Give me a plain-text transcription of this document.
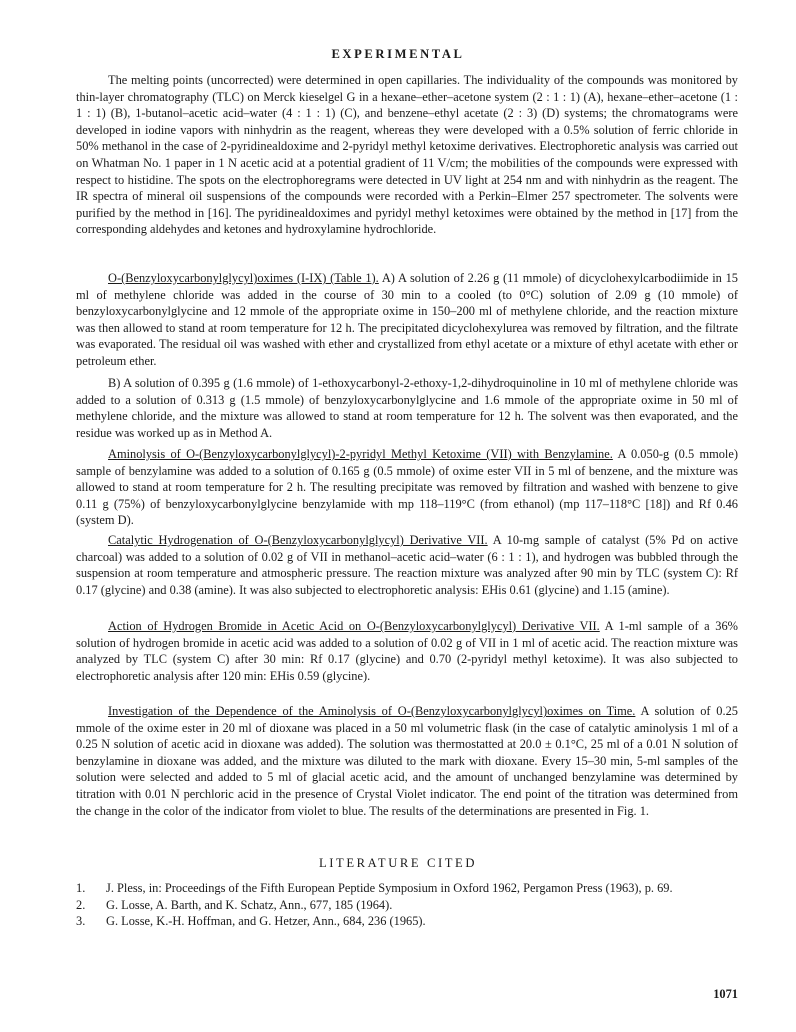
EXPERIMENTAL
The melting points (uncorrected) were determined in open capillaries. The individuality of the compounds was monitored by thin-layer chromatography (TLC) on Merck kieselgel G in a hexane–ether–acetone system (2 : 1 : 1) (A), hexane–ether–acetone (1 : 1 : 1) (B), 1-butanol–acetic acid–water (4 : 1 : 1) (C), and benzene–ethyl acetate (2 : 3) (D) systems; the chromatograms were developed in iodine vapors with ninhydrin as the reagent, whereas they were developed with a 0.5% solution of ferric chloride in 50% methanol in the case of 2-pyridinealdoxime and 2-pyridyl methyl ketoxime derivatives. Electrophoretic analysis was carried out on Whatman No. 1 paper in 1 N acetic acid at a potential gradient of 11 V/cm; the mobilities of the compounds were expressed with respect to histidine. The spots on the electrophoregrams were detected in UV light at 254 nm and with ninhydrin as the reagent. The IR spectra of mineral oil suspensions of the compounds were recorded with a Perkin–Elmer 257 spectrometer. The solvents were purified by the method in [16]. The pyridinealdoximes and pyridyl methyl ketoximes were obtained by the method in [17] from the corresponding aldehydes and ketones and hydroxylamine hydrochloride.
O-(Benzyloxycarbonylglycyl)oximes (I-IX) (Table 1). A) A solution of 2.26 g (11 mmole) of dicyclohexylcarbodiimide in 15 ml of methylene chloride was added in the course of 30 min to a cooled (to 0°C) solution of 2.09 g (10 mmole) of benzyloxycarbonylglycine and 12 mmole of the appropriate oxime in 150–200 ml of methylene chloride, and the reaction mixture was then allowed to stand at room temperature for 12 h. The precipitated dicyclohexylurea was removed by filtration, and the filtrate was evaporated. The residual oil was washed with ether and crystallized from ethyl acetate or a mixture of ethyl acetate with ether or petroleum ether.
B) A solution of 0.395 g (1.6 mmole) of 1-ethoxycarbonyl-2-ethoxy-1,2-dihydroquinoline in 10 ml of methylene chloride was added to a solution of 0.313 g (1.5 mmole) of benzyloxycarbonylglycine and 1.6 mmole of the appropriate oxime in 50 ml of methylene chloride, and the mixture was allowed to stand at room temperature for 12 h. The solvent was then evaporated, and the residue was worked up as in Method A.
Aminolysis of O-(Benzyloxycarbonylglycyl)-2-pyridyl Methyl Ketoxime (VII) with Benzylamine. A 0.050-g (0.5 mmole) sample of benzylamine was added to a solution of 0.165 g (0.5 mmole) of oxime ester VII in 5 ml of benzene, and the mixture was allowed to stand at room temperature for 2 h. The resulting precipitate was removed by filtration and washed with benzene to give 0.11 g (75%) of benzyloxycarbonylglycine benzylamide with mp 118–119°C (from ethanol) (mp 117–118°C [18]) and Rf 0.46 (system D).
Catalytic Hydrogenation of O-(Benzyloxycarbonylglycyl) Derivative VII. A 10-mg sample of catalyst (5% Pd on active charcoal) was added to a solution of 0.02 g of VII in methanol–acetic acid–water (6 : 1 : 1), and hydrogen was bubbled through the suspension at room temperature and atmospheric pressure. The reaction mixture was analyzed after 90 min by TLC (system C): Rf 0.17 (glycine) and 0.38 (amine). It was also subjected to electrophoretic analysis: EHis 0.61 (glycine) and 1.15 (amine).
Action of Hydrogen Bromide in Acetic Acid on O-(Benzyloxycarbonylglycyl) Derivative VII. A 1-ml sample of a 36% solution of hydrogen bromide in acetic acid was added to a solution of 0.02 g of VII in 1 ml of acetic acid. The reaction mixture was analyzed by TLC (system C) after 30 min: Rf 0.17 (glycine) and 0.70 (2-pyridyl methyl ketoxime). It was also subjected to electrophoretic analysis after 120 min: EHis 0.59 (glycine).
Investigation of the Dependence of the Aminolysis of O-(Benzyloxycarbonylglycyl)oximes on Time. A solution of 0.25 mmole of the oxime ester in 20 ml of dioxane was placed in a 50 ml volumetric flask (in the case of catalytic aminolysis 1 ml of a 0.25 N solution of acetic acid in dioxane was added). The solution was thermostatted at 20.0 ± 0.1°C, 25 ml of a 0.01 N solution of benzylamine in dioxane was added, and the mixture was diluted to the mark with dioxane. Every 15–30 min, 5-ml samples of the solution were selected and added to 5 ml of glacial acetic acid, and the amount of unchanged benzylamine was determined by titration with 0.01 N perchloric acid in the presence of Crystal Violet indicator. The end point of the titration was determined from the change in the color of the indicator from violet to blue. The results of the determinations are presented in Fig. 1.
LITERATURE CITED
1.	J. Pless, in: Proceedings of the Fifth European Peptide Symposium in Oxford 1962, Pergamon Press (1963), p. 69.
2.	G. Losse, A. Barth, and K. Schatz, Ann., 677, 185 (1964).
3.	G. Losse, K.-H. Hoffman, and G. Hetzer, Ann., 684, 236 (1965).
1071
